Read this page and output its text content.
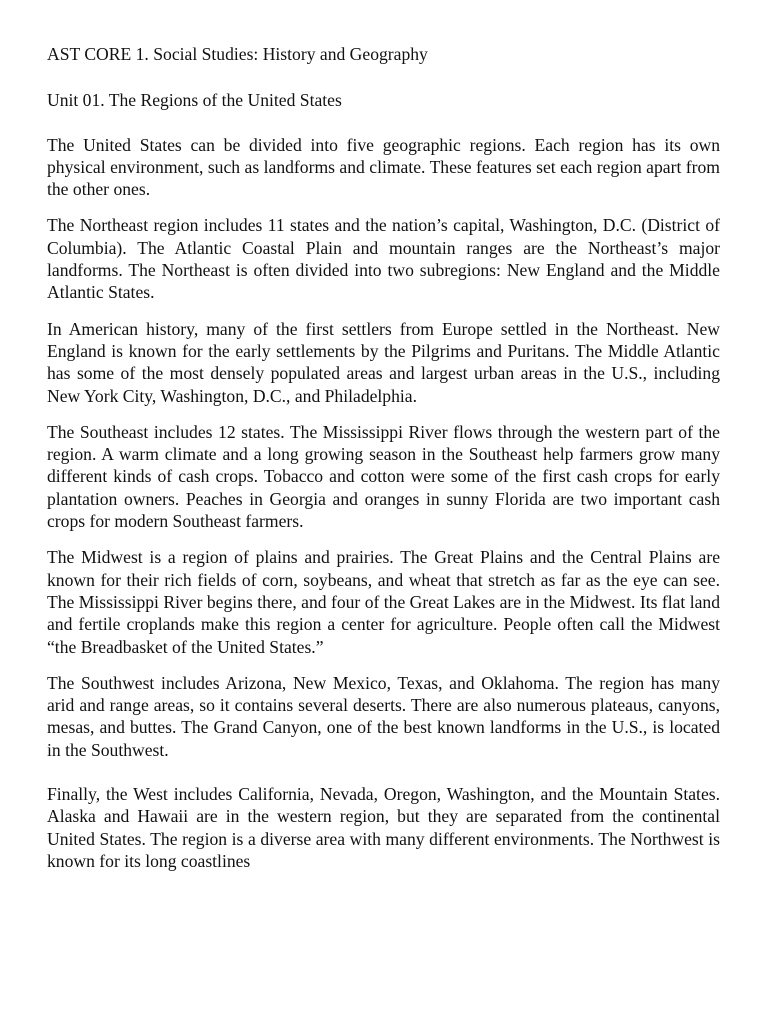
AST CORE 1. Social Studies: History and Geography
Unit 01. The Regions of the United States

The United States can be divided into five geographic regions. Each region has its own physical environment, such as landforms and climate. These features set each region apart from the other ones.

The Northeast region includes 11 states and the nation’s capital, Washington, D.C. (District of Columbia). The Atlantic Coastal Plain and mountain ranges are the Northeast’s major landforms. The Northeast is often divided into two subregions: New England and the Middle Atlantic States.

In American history, many of the first settlers from Europe settled in the Northeast. New England is known for the early settlements by the Pilgrims and Puritans. The Middle Atlantic has some of the most densely populated areas and largest urban areas in the U.S., including New York City, Washington, D.C., and Philadelphia.

The Southeast includes 12 states. The Mississippi River flows through the western part of the region. A warm climate and a long growing season in the Southeast help farmers grow many different kinds of cash crops. Tobacco and cotton were some of the first cash crops for early plantation owners. Peaches in Georgia and oranges in sunny Florida are two important cash crops for modern Southeast farmers.

The Midwest is a region of plains and prairies. The Great Plains and the Central Plains are known for their rich fields of corn, soybeans, and wheat that stretch as far as the eye can see. The Mississippi River begins there, and four of the Great Lakes are in the Midwest. Its flat land and fertile croplands make this region a center for agriculture. People often call the Midwest “the Breadbasket of the United States.”

The Southwest includes Arizona, New Mexico, Texas, and Oklahoma. The region has many arid and range areas, so it contains several deserts. There are also numerous plateaus, canyons, mesas, and buttes. The Grand Canyon, one of the best known landforms in the U.S., is located in the Southwest.

Finally, the West includes California, Nevada, Oregon, Washington, and the Mountain States. Alaska and Hawaii are in the western region, but they are separated from the continental United States. The region is a diverse area with many different environments. The Northwest is known for its long coastlines
